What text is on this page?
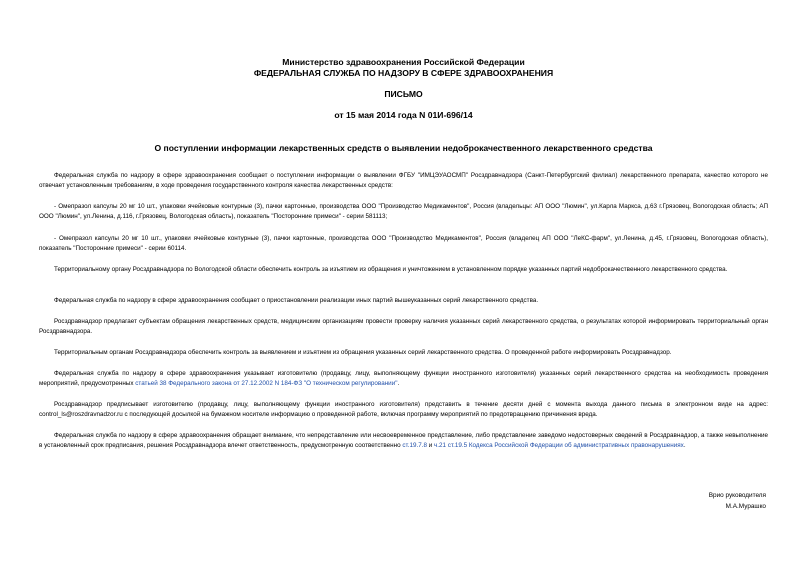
Министерство здравоохранения Российской Федерации
ФЕДЕРАЛЬНАЯ СЛУЖБА ПО НАДЗОРУ В СФЕРЕ ЗДРАВООХРАНЕНИЯ
ПИСЬМО
от 15 мая 2014 года N 01И-696/14
О поступлении информации лекарственных средств о выявлении недоброкачественного лекарственного средства
Федеральная служба по надзору в сфере здравоохранения сообщает о поступлении информации о выявлении ФГБУ "ИМЦЭУАОСМП" Росздравнадзора (Санкт-Петербургский филиал) лекарственного препарата, качество которого не отвечает установленным требованиям, в ходе проведения государственного контроля качества лекарственных средств:
- Омепразол капсулы 20 мг 10 шт., упаковки ячейковые контурные (3), пачки картонные, производства ООО "Производство Медикаментов", Россия (владельцы: АП ООО "Люмин", ул.Карла Маркса, д.63 г.Грязовец, Вологодская область; АП ООО "Люмин", ул.Ленина, д.116, г.Грязовец, Вологодская область), показатель "Посторонние примеси" - серии 581113;
- Омепразол капсулы 20 мг 10 шт., упаковки ячейковые контурные (3), пачки картонные, производства ООО "Производство Медикаментов", Россия (владелец АП ООО "ЛеКС-фарм", ул.Ленина, д.45, г.Грязовец, Вологодская область), показатель "Посторонние примеси" - серии 60114.
Территориальному органу Росздравнадзора по Вологодской области обеспечить контроль за изъятием из обращения и уничтожением в установленном порядке указанных партий недоброкачественного лекарственного средства.
Федеральная служба по надзору в сфере здравоохранения сообщает о приостановлении реализации иных партий вышеуказанных серий лекарственного средства.
Росздравнадзор предлагает субъектам обращения лекарственных средств, медицинским организациям провести проверку наличия указанных серий лекарственного средства, о результатах которой информировать территориальный орган Росздравнадзора.
Территориальным органам Росздравнадзора обеспечить контроль за выявлением и изъятием из обращения указанных серий лекарственного средства. О проведенной работе информировать Росздравнадзор.
Федеральная служба по надзору в сфере здравоохранения указывает изготовителю (продавцу, лицу, выполняющему функции иностранного изготовителя) указанных серий лекарственного средства на необходимость проведения мероприятий, предусмотренных статьей 38 Федерального закона от 27.12.2002 N 184-ФЗ "О техническом регулировании".
Росздравнадзор предписывает изготовителю (продавцу, лицу, выполняющему функции иностранного изготовителя) представить в течение десяти дней с момента выхода данного письма в электронном виде на адрес: control_ls@roszdravnadzor.ru с последующей досылкой на бумажном носителе информацию о проведенной работе, включая программу мероприятий по предотвращению причинения вреда.
Федеральная служба по надзору в сфере здравоохранения обращает внимание, что непредставление или несвоевременное представление, либо представление заведомо недостоверных сведений в Росздравнадзор, а также невыполнение в установленный срок предписания, решения Росздравнадзора влечет ответственность, предусмотренную соответственно ст.19.7.8 и ч.21 ст.19.5 Кодекса Российской Федерации об административных правонарушениях.
Врио руководителя
М.А.Мурашко
